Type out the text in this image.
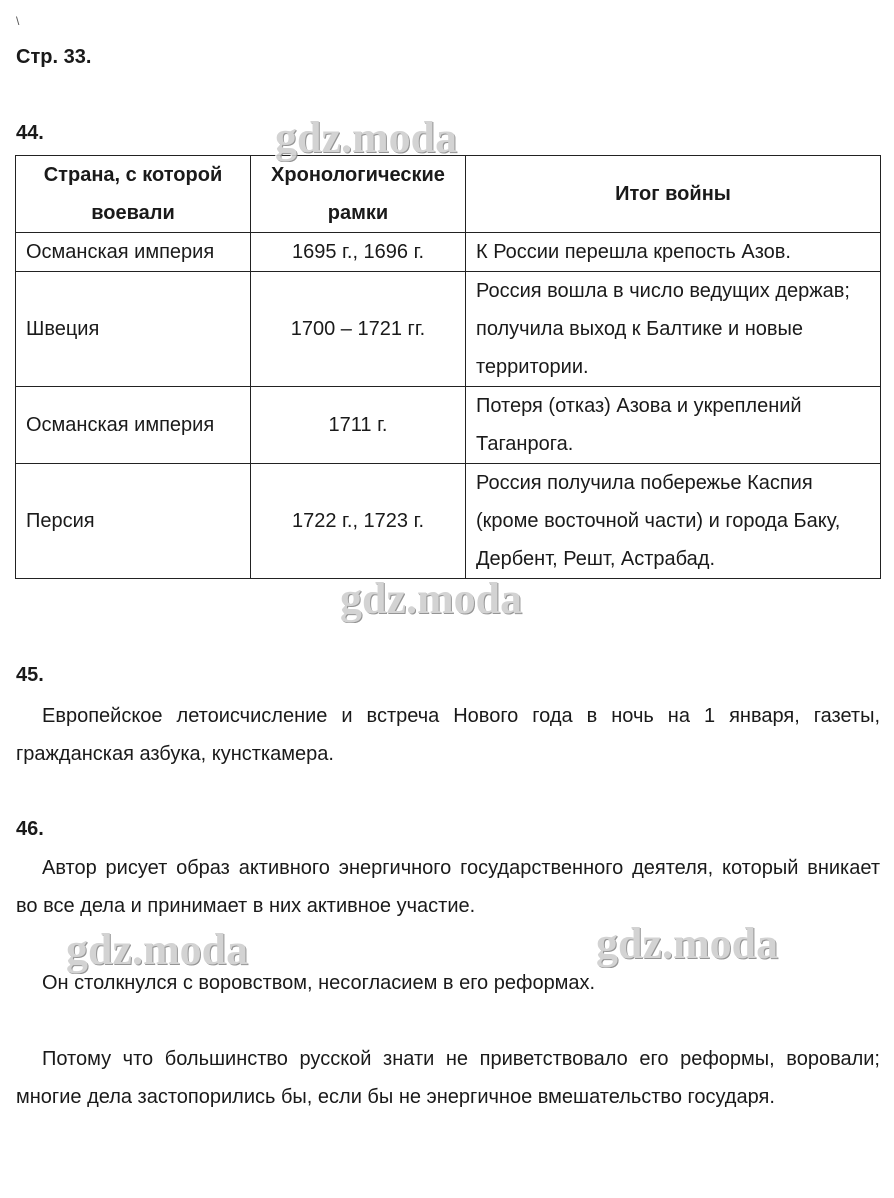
\
Стр. 33.
44.
Страна, с которой воевали	Хронологические рамки	Итог войны
Османская империя	1695 г., 1696 г.	К России перешла крепость Азов.
Швеция	1700 – 1721 гг.	Россия вошла в число ведущих держав; получила выход к Балтике и новые территории.
Османская империя	1711 г.	Потеря (отказ) Азова и укреплений Таганрога.
Персия	1722 г., 1723 г.	Россия получила побережье Каспия (кроме восточной части) и города Баку, Дербент, Решт, Астрабад.
45.

Европейское летоисчисление и встреча Нового года в ночь на 1 января, газеты, гражданская азбука, кунсткамера.

46.

Автор рисует образ активного энергичного государственного деятеля, который вникает во все дела и принимает в них активное участие.

Он столкнулся с воровством, несогласием в его реформах.

Потому что большинство русской знати не приветствовало его реформы, воровали; многие дела застопорились бы, если бы не энергичное вмешательство государя.

gdz.moda
gdz.moda
gdz.moda	gdz.moda
